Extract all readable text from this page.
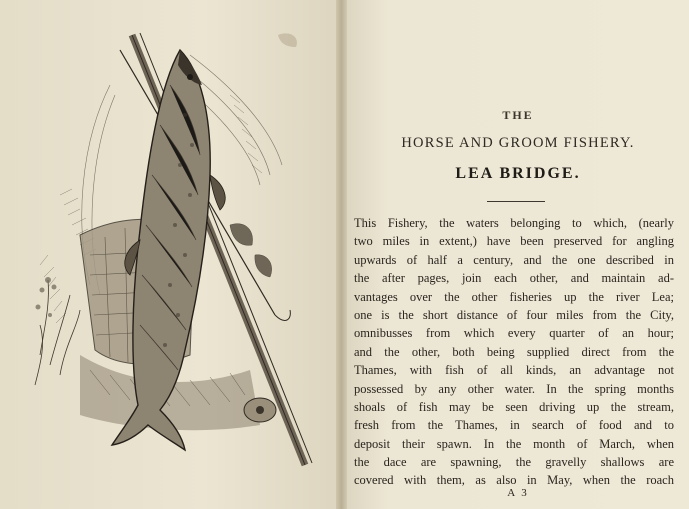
THE
HORSE AND GROOM FISHERY.
LEA BRIDGE.
This Fishery, the waters belonging to which, (nearly
two miles in extent,) have been preserved for angling
upwards of half a century, and the one described in
the after pages, join each other, and maintain ad-
vantages over the other fisheries up the river Lea;
one is the short distance of four miles from the City,
omnibusses from which every quarter of an hour;
and the other, both being supplied direct from the
Thames, with fish of all kinds, an advantage not
possessed by any other water. In the spring months
shoals of fish may be seen driving up the stream,
fresh from the Thames, in search of food and to
deposit their spawn. In the month of March, when
the dace are spawning, the gravelly shallows are
covered with them, as also in May, when the roach
A 3
